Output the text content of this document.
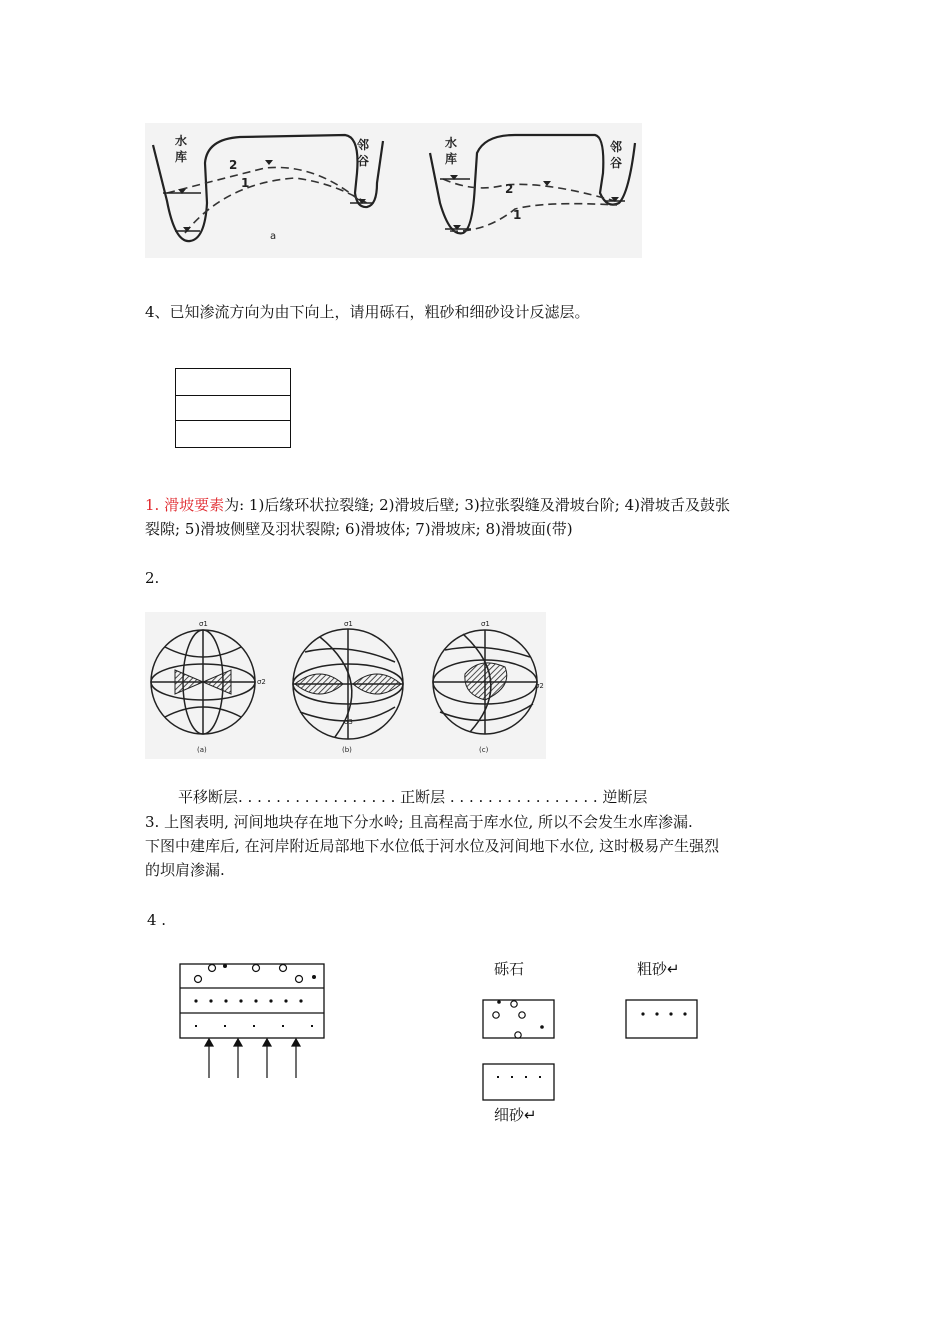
水
库
邻
谷
2
1
a
水
库
邻
谷
2
1
4、已知渗流方向为由下向上，请用砾石，粗砂和细砂设计反滤层。
1. 滑坡要素为: 1)后缘环状拉裂缝; 2)滑坡后壁; 3)拉张裂缝及滑坡台阶; 4)滑坡舌及鼓张
裂隙; 5)滑坡侧壁及羽状裂隙; 6)滑坡体; 7)滑坡床; 8)滑坡面(带)
2.
σ1
σ2
σ1
σ3
σ1
σ2
(a)	(b)	(c)
平移断层. . . . . . . . . . . . . . . . . 正断层 . . . . . . . . . . . . . . . . 逆断层
3. 上图表明, 河间地块存在地下分水岭; 且高程高于库水位, 所以不会发生水库渗漏.
下图中建库后, 在河岸附近局部地下水位低于河水位及河间地下水位, 这时极易产生强烈
的坝肩渗漏.
4 .
砾石	粗砂↵
细砂↵
